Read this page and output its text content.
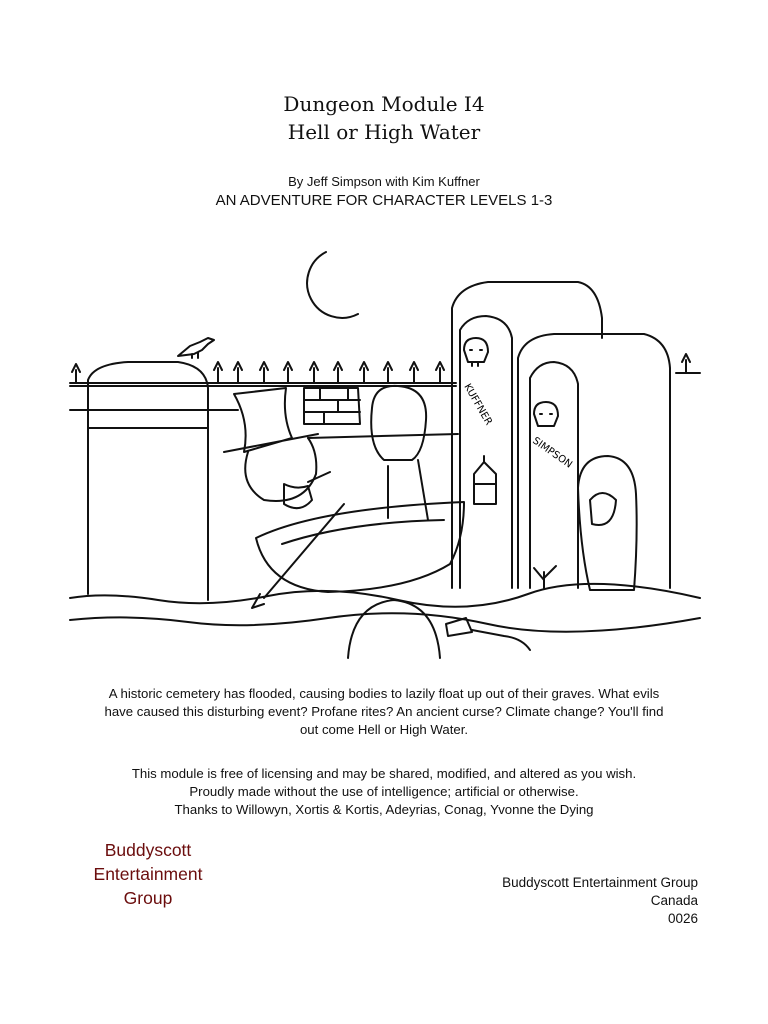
Dungeon Module I4
Hell or High Water
By Jeff Simpson with Kim Kuffner
AN ADVENTURE FOR CHARACTER LEVELS 1-3
KUFFNER
SIMPSON
A historic cemetery has flooded, causing bodies to lazily float up out of their graves. What evils
have caused this disturbing event? Profane rites? An ancient curse? Climate change? You'll find
out come Hell or High Water.
This module is free of licensing and may be shared, modified, and altered as you wish.
Proudly made without the use of intelligence; artificial or otherwise.
Thanks to Willowyn, Xortis & Kortis, Adeyrias, Conag, Yvonne the Dying
Buddyscott
Entertainment
Group
Buddyscott Entertainment Group
Canada
0026
